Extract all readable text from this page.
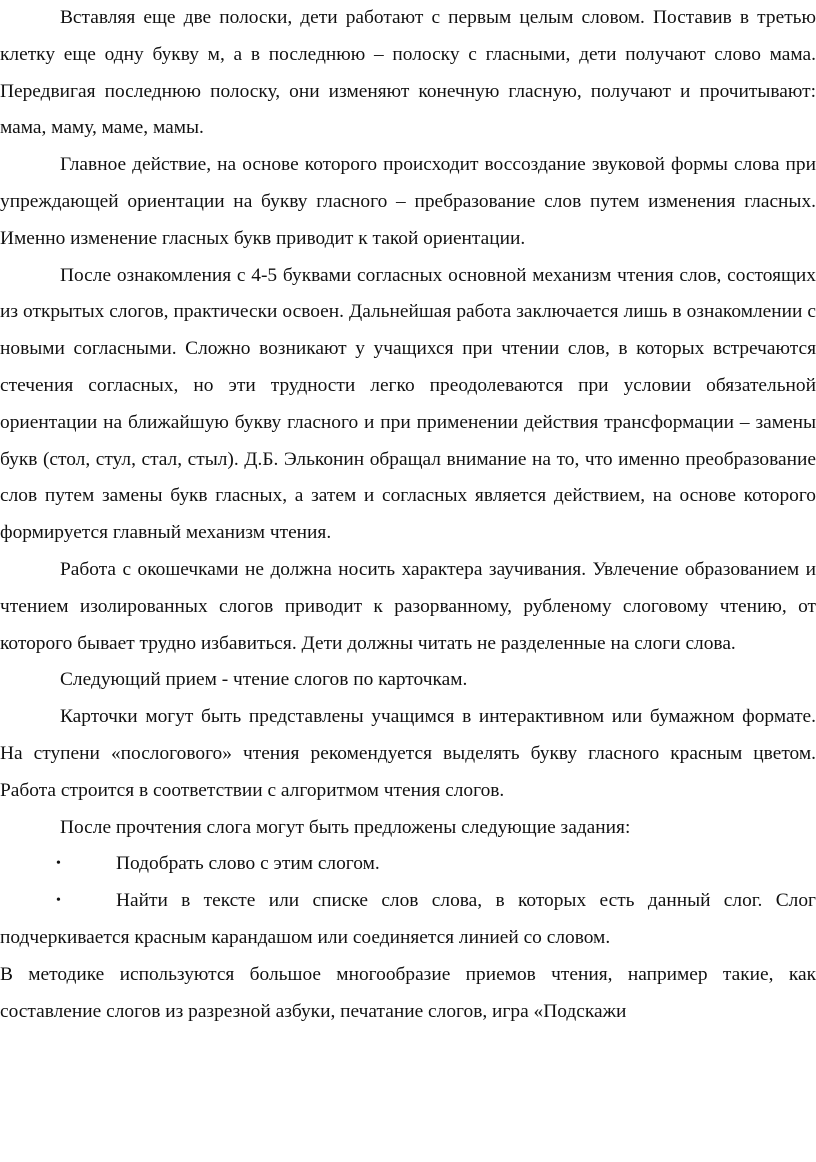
Вставляя еще две полоски, дети работают с первым целым словом. Поставив в третью клетку еще одну букву м, а в последнюю – полоску с гласными, дети получают слово мама. Передвигая последнюю полоску, они изменяют конечную гласную, получают и прочитывают: мама, маму, маме, мамы.

Главное действие, на основе которого происходит воссоздание звуковой формы слова при упреждающей ориентации на букву гласного – пребразование слов путем изменения гласных. Именно изменение гласных букв приводит к такой ориентации.

После ознакомления с 4-5 буквами согласных основной механизм чтения слов, состоящих из открытых слогов, практически освоен. Дальнейшая работа заключается лишь в ознакомлении с новыми согласными. Сложно возникают у учащихся при чтении слов, в которых встречаются стечения согласных, но эти трудности легко преодолеваются при условии обязательной ориентации на ближайшую букву гласного и при применении действия трансформации – замены букв (стол, стул, стал, стыл). Д.Б. Эльконин обращал внимание на то, что именно преобразование слов путем замены букв гласных, а затем и согласных является действием, на основе которого формируется главный механизм чтения.

Работа с окошечками не должна носить характера заучивания. Увлечение образованием и чтением изолированных слогов приводит к разорванному, рубленому слоговому чтению, от которого бывает трудно избавиться. Дети должны читать не разделенные на слоги слова.

Следующий прием - чтение слогов по карточкам.

Карточки могут быть представлены учащимся в интерактивном или бумажном формате. На ступени «послогового» чтения рекомендуется выделять букву гласного красным цветом. Работа строится в соответствии с алгоритмом чтения слогов.

После прочтения слога могут быть предложены следующие задания:

•	Подобрать слово с этим слогом.
•	Найти в тексте или списке слов слова, в которых есть данный слог. Слог подчеркивается красным карандашом или соединяется линией со словом.

В методике используются большое многообразие приемов чтения, например такие, как составление слогов из разрезной азбуки, печатание слогов, игра «Подскажи
